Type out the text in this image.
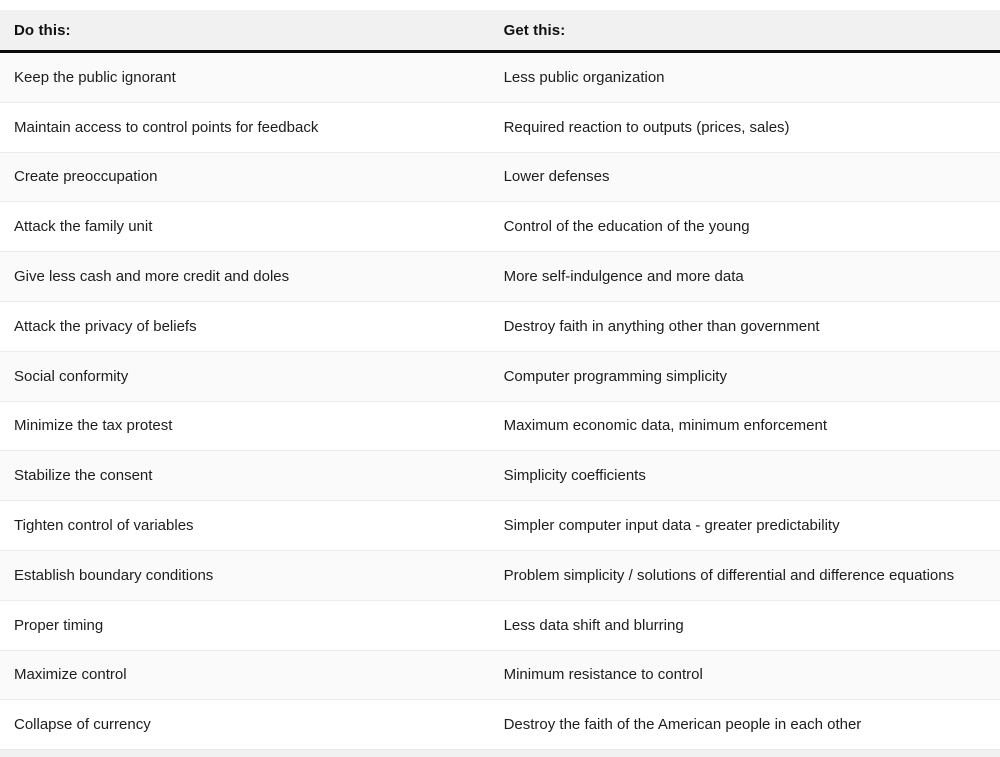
Do this:	Get this:
Keep the public ignorant	Less public organization
Maintain access to control points for feedback	Required reaction to outputs (prices, sales)
Create preoccupation	Lower defenses
Attack the family unit	Control of the education of the young
Give less cash and more credit and doles	More self-indulgence and more data
Attack the privacy of beliefs	Destroy faith in anything other than government
Social conformity	Computer programming simplicity
Minimize the tax protest	Maximum economic data, minimum enforcement
Stabilize the consent	Simplicity coefficients
Tighten control of variables	Simpler computer input data - greater predictability
Establish boundary conditions	Problem simplicity / solutions of differential and difference equations
Proper timing	Less data shift and blurring
Maximize control	Minimum resistance to control
Collapse of currency	Destroy the faith of the American people in each other
